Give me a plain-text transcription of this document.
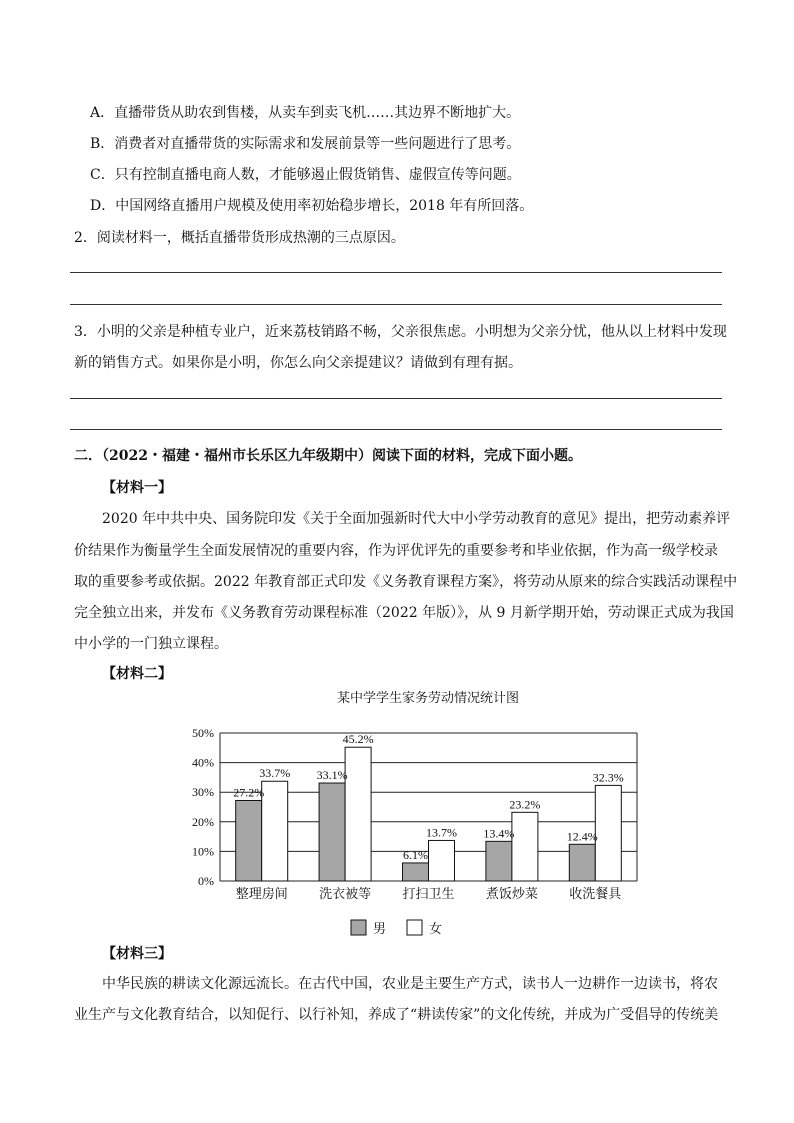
A．直播带货从助农到售楼，从卖车到卖飞机……其边界不断地扩大。
B．消费者对直播带货的实际需求和发展前景等一些问题进行了思考。
C．只有控制直播电商人数，才能够遏止假货销售、虚假宣传等问题。
D．中国网络直播用户规模及使用率初始稳步增长，2018 年有所回落。
2．阅读材料一，概括直播带货形成热潮的三点原因。
3．小明的父亲是种植专业户，近来荔枝销路不畅，父亲很焦虑。小明想为父亲分忧，他从以上材料中发现
新的销售方式。如果你是小明，你怎么向父亲提建议？请做到有理有据。
二．（2022・福建・福州市长乐区九年级期中）阅读下面的材料，完成下面小题。
【材料一】
2020 年中共中央、国务院印发《关于全面加强新时代大中小学劳动教育的意见》提出，把劳动素养评
价结果作为衡量学生全面发展情况的重要内容，作为评优评先的重要参考和毕业依据，作为高一级学校录
取的重要参考或依据。2022 年教育部正式印发《义务教育课程方案》，将劳动从原来的综合实践活动课程中
完全独立出来，并发布《义务教育劳动课程标准（2022 年版）》，从 9 月新学期开始，劳动课正式成为我国
中小学的一门独立课程。
【材料二】
某中学学生家务劳动情况统计图
0%
10%
20%
30%
40%
50%
27.2%
33.7%
整理房间
33.1%
45.2%
洗衣被等
6.1%
13.7%
打扫卫生
13.4%
23.2%
煮饭炒菜
12.4%
32.3%
收洗餐具
男	女
【材料三】
中华民族的耕读文化源远流长。在古代中国，农业是主要生产方式，读书人一边耕作一边读书，将农
业生产与文化教育结合，以知促行、以行补知，养成了“耕读传家”的文化传统，并成为广受倡导的传统美
